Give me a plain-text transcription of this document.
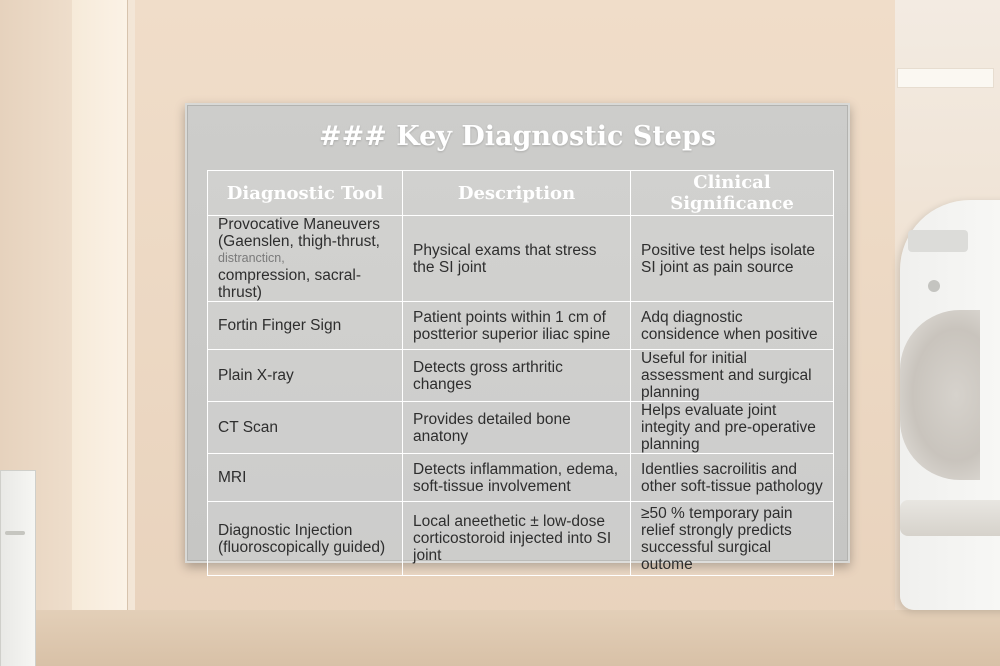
### Key Diagnostic Steps
Diagnostic Tool	Description	Clinical Significance

Provocative Maneuvers
(Gaenslen, thigh-thrust,
distrancticn,
compression, sacral-thrust)	Physical exams that stress the SI joint	Positive test helps isolate SI joint as pain source
Fortin Finger Sign	Patient points within 1 cm of postterior superior iliac spine	Adq diagnostic considence when positive
Plain X-ray	Detects gross arthritic changes	Useful for initial assessment and surgical planning
CT Scan	Provides detailed bone anatony	Helps evaluate joint integity and pre-operative planning
MRI	Detects inflammation, edema, soft-tissue involvement	Identlies sacroilitis and other soft-tissue pathology
Diagnostic Injection (fluoroscopically guided)	Local aneethetic ± low-dose corticostoroid injected into SI joint	≥50 % temporary pain relief strongly predicts successful surgical outome
